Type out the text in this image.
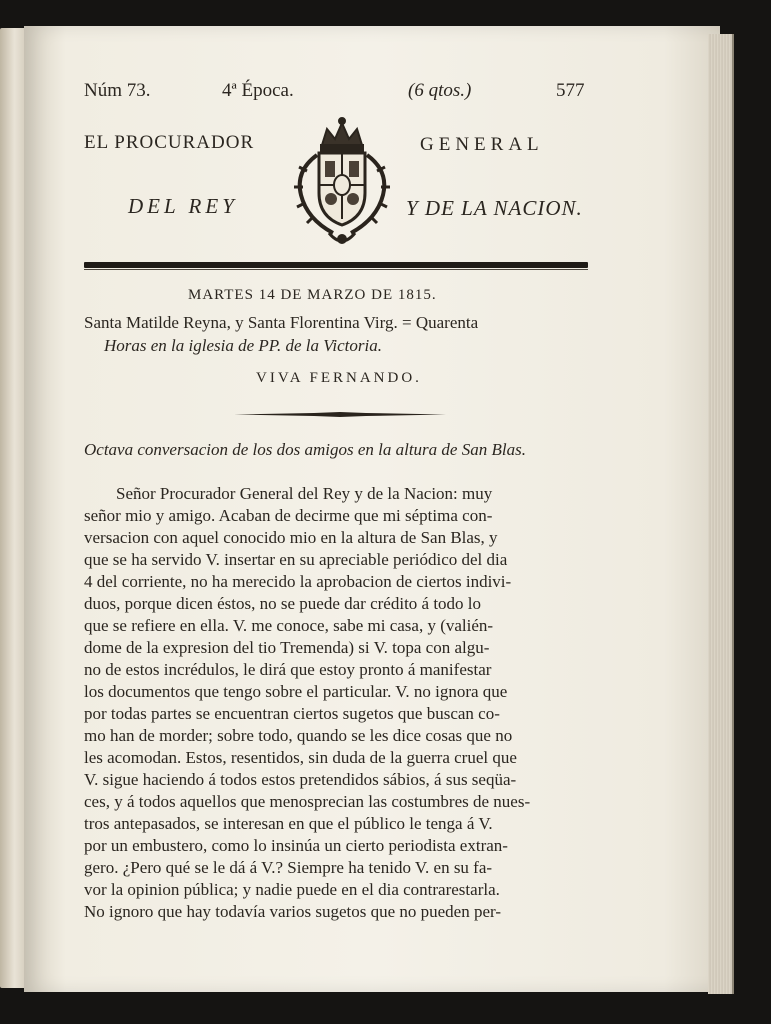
Núm 73.	4ª Época.	(6 qtos.)	577
EL PROCURADOR	GENERAL
DEL REY	Y DE LA NACION.
MARTES 14 DE MARZO DE 1815.
Santa Matilde Reyna, y Santa Florentina Virg. = Quarenta
Horas en la iglesia de PP. de la Victoria.
VIVA FERNANDO.
Octava conversacion de los dos amigos en la altura de San Blas.
Señor Procurador General del Rey y de la Nacion: muy
señor mio y amigo. Acaban de decirme que mi séptima con-
versacion con aquel conocido mio en la altura de San Blas, y
que se ha servido V. insertar en su apreciable periódico del dia
4 del corriente, no ha merecido la aprobacion de ciertos indivi-
duos, porque dicen éstos, no se puede dar crédito á todo lo
que se refiere en ella. V. me conoce, sabe mi casa, y (valién-
dome de la expresion del tio Tremenda) si V. topa con algu-
no de estos incrédulos, le dirá que estoy pronto á manifestar
los documentos que tengo sobre el particular. V. no ignora que
por todas partes se encuentran ciertos sugetos que buscan co-
mo han de morder; sobre todo, quando se les dice cosas que no
les acomodan. Estos, resentidos, sin duda de la guerra cruel que
V. sigue haciendo á todos estos pretendidos sábios, á sus seqüa-
ces, y á todos aquellos que menosprecian las costumbres de nues-
tros antepasados, se interesan en que el público le tenga á V.
por un embustero, como lo insinúa un cierto periodista extran-
gero. ¿Pero qué se le dá á V.? Siempre ha tenido V. en su fa-
vor la opinion pública; y nadie puede en el dia contrarestarla.
No ignoro que hay todavía varios sugetos que no pueden per-
